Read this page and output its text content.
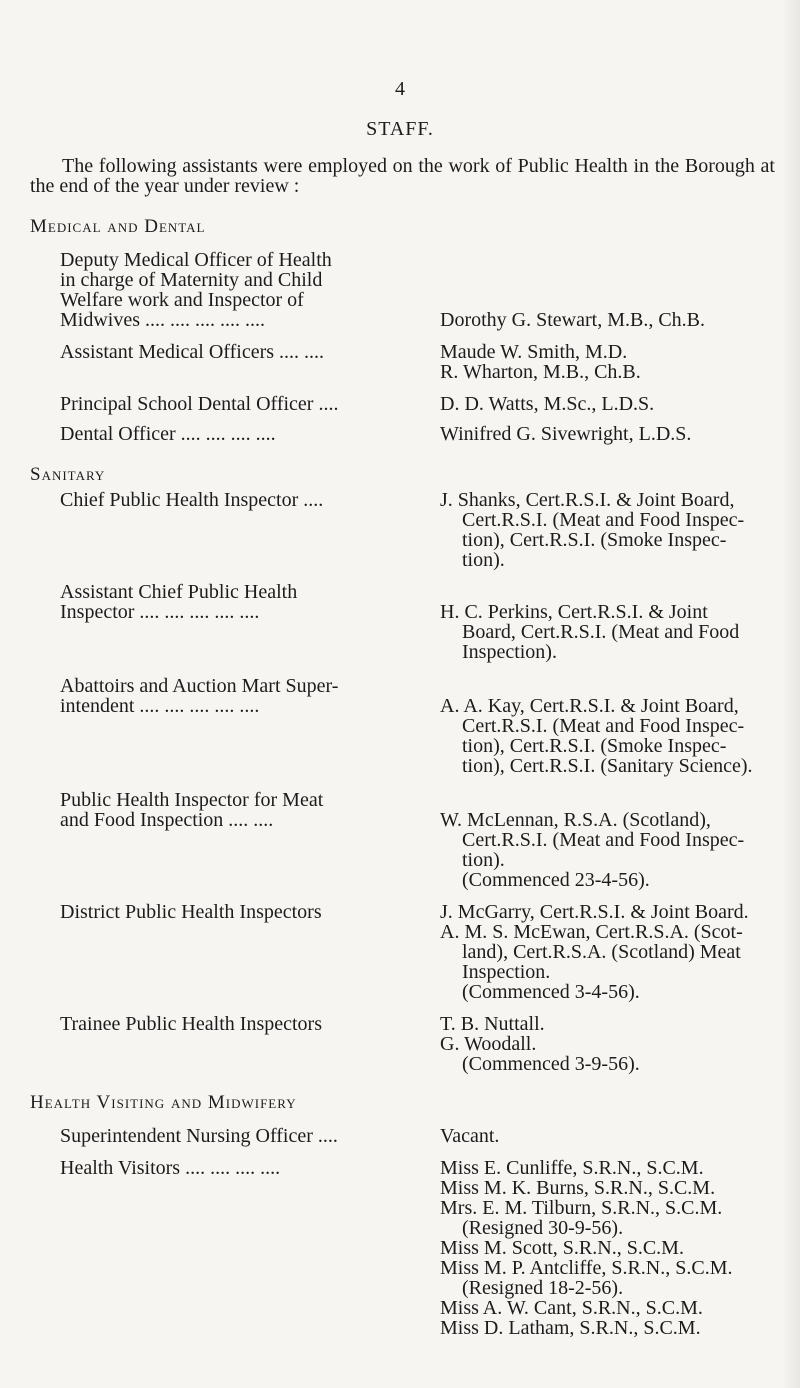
4
STAFF.
The following assistants were employed on the work of Public Health in the Borough at the end of the year under review :
Medical and Dental
Deputy Medical Officer of Health
in charge of Maternity and Child
Welfare work and Inspector of
Midwives .... .... .... .... ....	Dorothy G. Stewart, M.B., Ch.B.
Assistant Medical Officers .... ....	Maude W. Smith, M.D.
R. Wharton, M.B., Ch.B.
Principal School Dental Officer ....	D. D. Watts, M.Sc., L.D.S.
Dental Officer .... .... .... ....	Winifred G. Sivewright, L.D.S.
Sanitary
Chief Public Health Inspector ....	J. Shanks, Cert.R.S.I. & Joint Board,
Cert.R.S.I. (Meat and Food Inspec-
tion), Cert.R.S.I. (Smoke Inspec-
tion).
Assistant Chief Public Health
Inspector .... .... .... .... ....	H. C. Perkins, Cert.R.S.I. & Joint
Board, Cert.R.S.I. (Meat and Food
Inspection).
Abattoirs and Auction Mart Super-
intendent .... .... .... .... ....	A. A. Kay, Cert.R.S.I. & Joint Board,
Cert.R.S.I. (Meat and Food Inspec-
tion), Cert.R.S.I. (Smoke Inspec-
tion), Cert.R.S.I. (Sanitary Science).
Public Health Inspector for Meat
and Food Inspection .... ....	W. McLennan, R.S.A. (Scotland),
Cert.R.S.I. (Meat and Food Inspec-
tion).
(Commenced 23-4-56).
District Public Health Inspectors	J. McGarry, Cert.R.S.I. & Joint Board.
A. M. S. McEwan, Cert.R.S.A. (Scot-
land), Cert.R.S.A. (Scotland) Meat
Inspection.
(Commenced 3-4-56).
Trainee Public Health Inspectors	T. B. Nuttall.
G. Woodall.
(Commenced 3-9-56).
Health Visiting and Midwifery
Superintendent Nursing Officer ....	Vacant.
Health Visitors .... .... .... ....	Miss E. Cunliffe, S.R.N., S.C.M.
Miss M. K. Burns, S.R.N., S.C.M.
Mrs. E. M. Tilburn, S.R.N., S.C.M.
(Resigned 30-9-56).
Miss M. Scott, S.R.N., S.C.M.
Miss M. P. Antcliffe, S.R.N., S.C.M.
(Resigned 18-2-56).
Miss A. W. Cant, S.R.N., S.C.M.
Miss D. Latham, S.R.N., S.C.M.
